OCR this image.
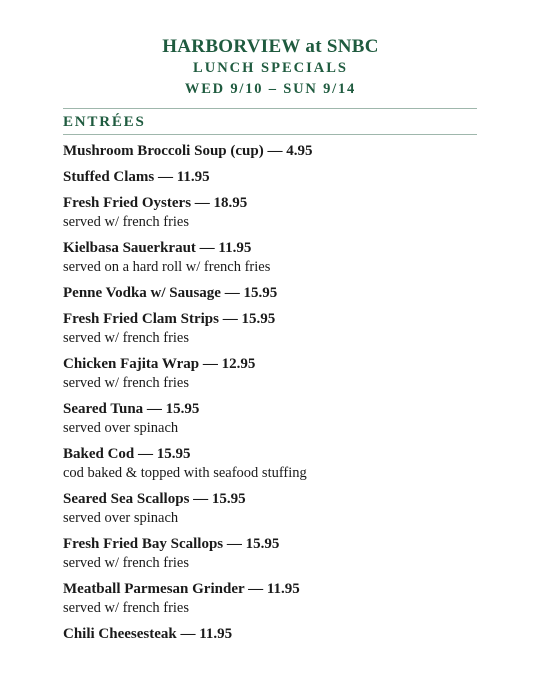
HARBORVIEW at SNBC
LUNCH SPECIALS
WED 9/10 – SUN 9/14
ENTRÉES
Mushroom Broccoli Soup (cup) — 4.95
Stuffed Clams — 11.95
Fresh Fried Oysters — 18.95
served w/ french fries
Kielbasa Sauerkraut — 11.95
served on a hard roll w/ french fries
Penne Vodka w/ Sausage — 15.95
Fresh Fried Clam Strips — 15.95
served w/ french fries
Chicken Fajita Wrap — 12.95
served w/ french fries
Seared Tuna — 15.95
served over spinach
Baked Cod — 15.95
cod baked & topped with seafood stuffing
Seared Sea Scallops — 15.95
served over spinach
Fresh Fried Bay Scallops — 15.95
served w/ french fries
Meatball Parmesan Grinder — 11.95
served w/ french fries
Chili Cheesesteak — 11.95
